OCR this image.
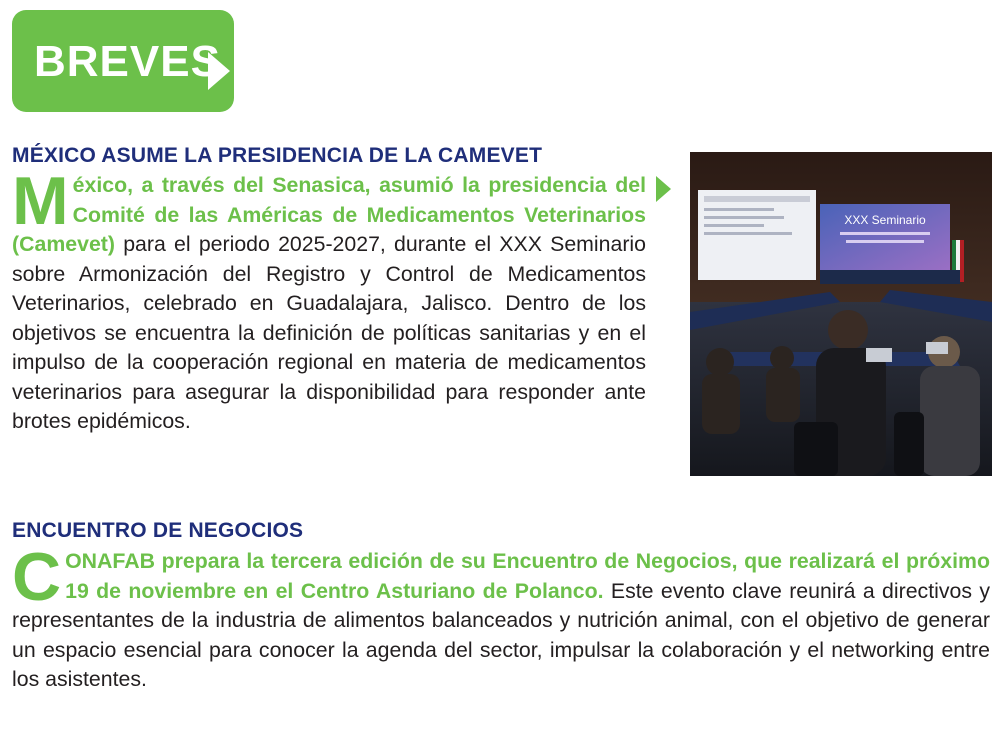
BREVES
MÉXICO ASUME LA PRESIDENCIA DE LA CAMEVET
México, a través del Senasica, asumió la presidencia del Comité de las Américas de Medicamentos Veterinarios (Camevet) para el periodo 2025-2027, durante el XXX Seminario sobre Armonización del Registro y Control de Medicamentos Veterinarios, celebrado en Guadalajara, Jalisco. Dentro de los objetivos se encuentra la definición de políticas sanitarias y en el impulso de la cooperación regional en materia de medicamentos veterinarios para asegurar la disponibilidad para responder ante brotes epidémicos.
XXX Seminario
ENCUENTRO DE NEGOCIOS
CONAFAB prepara la tercera edición de su Encuentro de Negocios, que realizará el próximo 19 de noviembre en el Centro Asturiano de Polanco. Este evento clave reunirá a directivos y representantes de la industria de alimentos balanceados y nutrición animal, con el objetivo de generar un espacio esencial para conocer la agenda del sector, impulsar la colaboración y el networking entre los asistentes.
